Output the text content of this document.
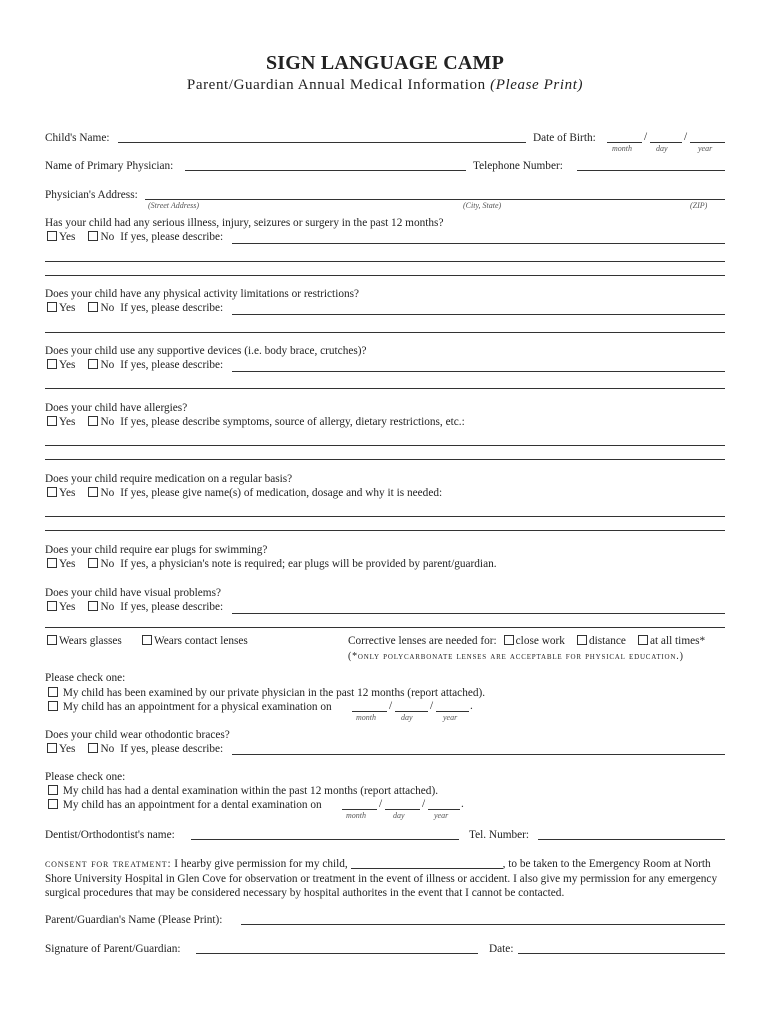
SIGN LANGUAGE CAMP
Parent/Guardian Annual Medical Information (Please Print)
Child's Name:	Date of Birth:	/	/
month	day	year
Name of Primary Physician:	Telephone Number:
Physician's Address:
(Street Address)	(City, State)	(ZIP)
Has your child had any serious illness, injury, seizures or surgery in the past 12 months?
Yes No If yes, please describe:
Does your child have any physical activity limitations or restrictions?
Yes No If yes, please describe:
Does your child use any supportive devices (i.e. body brace, crutches)?
Yes No If yes, please describe:
Does your child have allergies?
Yes No If yes, please describe symptoms, source of allergy, dietary restrictions, etc.:
Does your child require medication on a regular basis?
Yes No If yes, please give name(s) of medication, dosage and why it is needed:
Does your child require ear plugs for swimming?
Yes No If yes, a physician's note is required; ear plugs will be provided by parent/guardian.
Does your child have visual problems?
Yes No If yes, please describe:
Wears glasses	Wears contact lenses	Corrective lenses are needed for: close work distance at all times*
(*only polycarbonate lenses are acceptable for physical education.)
Please check one:
My child has been examined by our private physician in the past 12 months (report attached).
My child has an appointment for a physical examination on	/	/	.
month	day	year
Does your child wear othodontic braces?
Yes No If yes, please describe:
Please check one:
My child has had a dental examination within the past 12 months (report attached).
My child has an appointment for a dental examination on	/	/	.
month	day	year
Dentist/Orthodontist's name:	Tel. Number:
consent for treatment: I hearby give permission for my child,	, to be taken to the Emergency Room at North Shore University Hospital in Glen Cove for observation or treatment in the event of illness or accident. I also give my permission for any emergency surgical procedures that may be considered necessary by hospital authorites in the event that I cannot be contacted.
Parent/Guardian's Name (Please Print):
Signature of Parent/Guardian:	Date:
